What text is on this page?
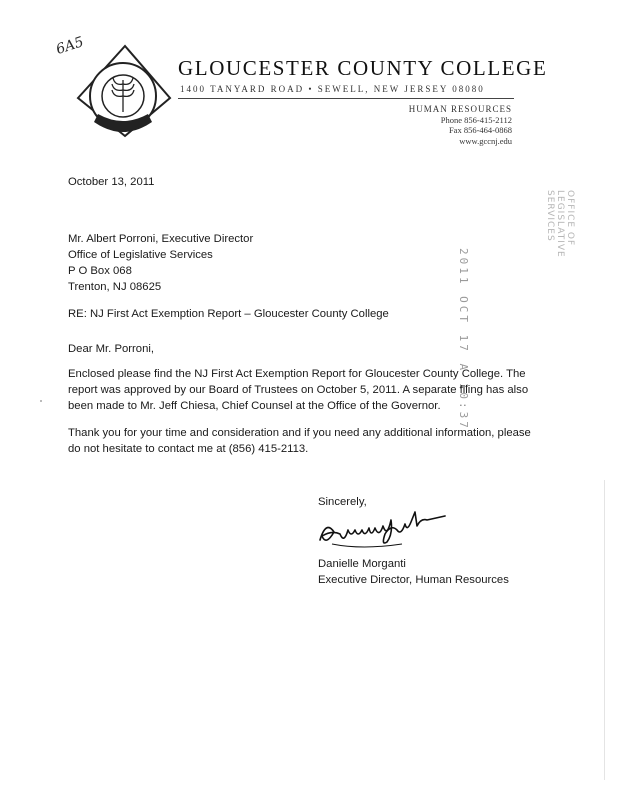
6A5
GLOUCESTER COUNTY COLLEGE
1400 TANYARD ROAD • SEWELL, NEW JERSEY 08080
HUMAN RESOURCES
Phone 856-415-2112
Fax 856-464-0868
www.gccnj.edu
2011 OCT 17 A 10:37
OFFICE OF
LEGISLATIVE
SERVICES
October 13, 2011
Mr. Albert Porroni, Executive Director
Office of Legislative Services
P O Box 068
Trenton, NJ 08625
RE: NJ First Act Exemption Report – Gloucester County College
Dear Mr. Porroni,
Enclosed please find the NJ First Act Exemption Report for Gloucester County College. The
report was approved by our Board of Trustees on October 5, 2011. A separate filing has also
been made to Mr. Jeff Chiesa, Chief Counsel at the Office of the Governor.
Thank you for your time and consideration and if you need any additional information, please
do not hesitate to contact me at (856) 415-2113.
Sincerely,
Danielle Morganti
Executive Director, Human Resources
